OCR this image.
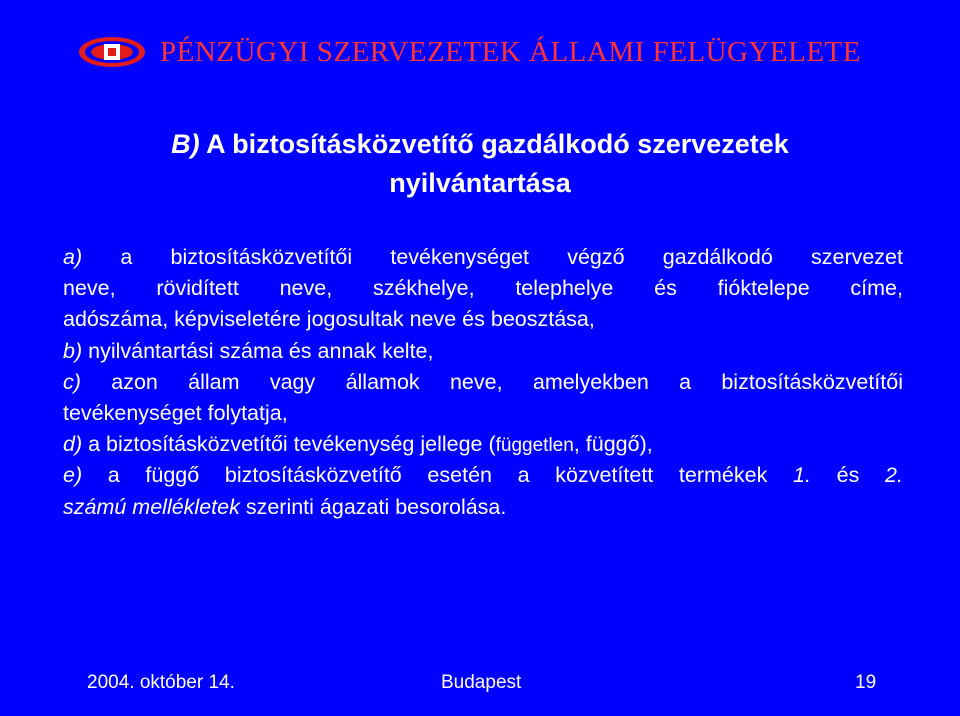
PÉNZÜGYI SZERVEZETEK ÁLLAMI FELÜGYELETE
B) A biztosításközvetítő gazdálkodó szervezetek
nyilvántartása
a) a biztosításközvetítői tevékenységet végző gazdálkodó szervezet
neve, rövidített neve, székhelye, telephelye és fióktelepe címe,
adószáma, képviseletére jogosultak neve és beosztása,
b) nyilvántartási száma és annak kelte,
c) azon állam vagy államok neve, amelyekben a biztosításközvetítői
tevékenységet folytatja,
d) a biztosításközvetítői tevékenység jellege (független, függő),
e) a függő biztosításközvetítő esetén a közvetített termékek 1. és 2.
számú mellékletek szerinti ágazati besorolása.
2004. október 14.	Budapest	19
